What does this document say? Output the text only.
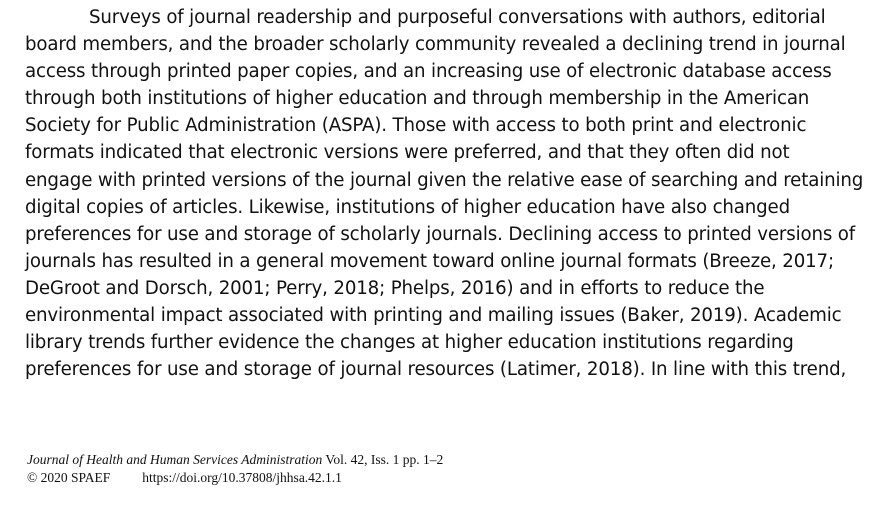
Surveys of journal readership and purposeful conversations with authors, editorial
board members, and the broader scholarly community revealed a declining trend in journal
access through printed paper copies, and an increasing use of electronic database access
through both institutions of higher education and through membership in the American
Society for Public Administration (ASPA). Those with access to both print and electronic
formats indicated that electronic versions were preferred, and that they often did not
engage with printed versions of the journal given the relative ease of searching and retaining
digital copies of articles. Likewise, institutions of higher education have also changed
preferences for use and storage of scholarly journals. Declining access to printed versions of
journals has resulted in a general movement toward online journal formats (Breeze, 2017;
DeGroot and Dorsch, 2001; Perry, 2018; Phelps, 2016) and in efforts to reduce the
environmental impact associated with printing and mailing issues (Baker, 2019). Academic
library trends further evidence the changes at higher education institutions regarding
preferences for use and storage of journal resources (Latimer, 2018). In line with this trend,
Journal of Health and Human Services Administration Vol. 42, Iss. 1 pp. 1–2
© 2020 SPAEF https://doi.org/10.37808/jhhsa.42.1.1
